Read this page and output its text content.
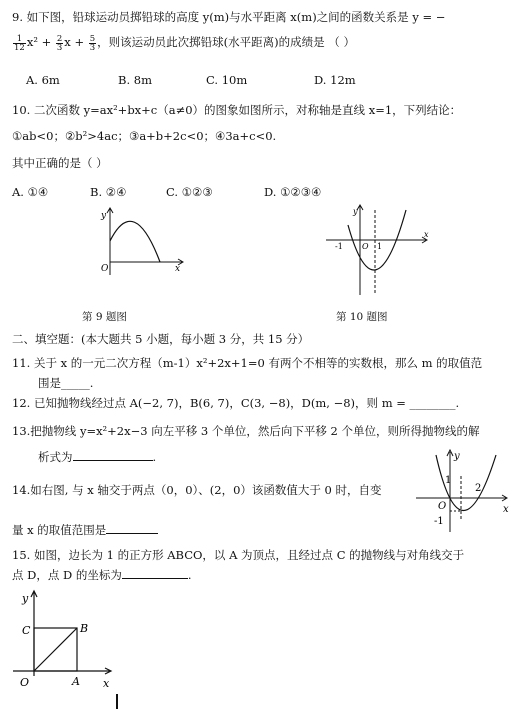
9. 如下图，铅球运动员掷铅球的高度 y(m)与水平距离 x(m)之间的函数关系是 y = −
$\frac{1}{12} x^2 + \frac{2}{3}$ $x + \frac{5}{3}$ ，则该运动员此次掷铅球(水平距离)的成绩是 （ ）
A. 6m	B. 8m	C. 10m	D. 12m
10. 二次函数 y=ax²+bx+c（a≠0）的图象如图所示，对称轴是直线 x=1，下列结论：
①ab<0；②b²>4ac；③a+b+2c<0；④3a+c<0.
其中正确的是（ ）
A. ①④	B. ②④	C. ①②③	D. ①②③④
y
x
O
第 9 题图
y
x
O
-1	1
第 10 题图
二、填空题：(本大题共 5 小题，每小题 3 分，共 15 分）
11. 关于 x 的一元二次方程（m-1）x²+2x+1=0 有两个不相等的实数根，那么 m 的取值范
围是_____.
12. 已知抛物线经过点 A(−2, 7)，B(6, 7)，C(3, −8)，D(m, −8)，则 m = ________.
13.把抛物线 y=x²+2x−3 向左平移 3 个单位，然后向下平移 2 个单位，则所得抛物线的解
析式为	.
14.如右图, 与 x 轴交于两点（0，0）、(2，0）该函数值大于 0 时，自变
量 x 的取值范围是
y
x
O
1
2
-1
15. 如图，边长为 1 的正方形 ABCO，以 A 为顶点，且经过点 C 的抛物线与对角线交于
点 D，点 D 的坐标为	.
y
x
O	A
B
C
